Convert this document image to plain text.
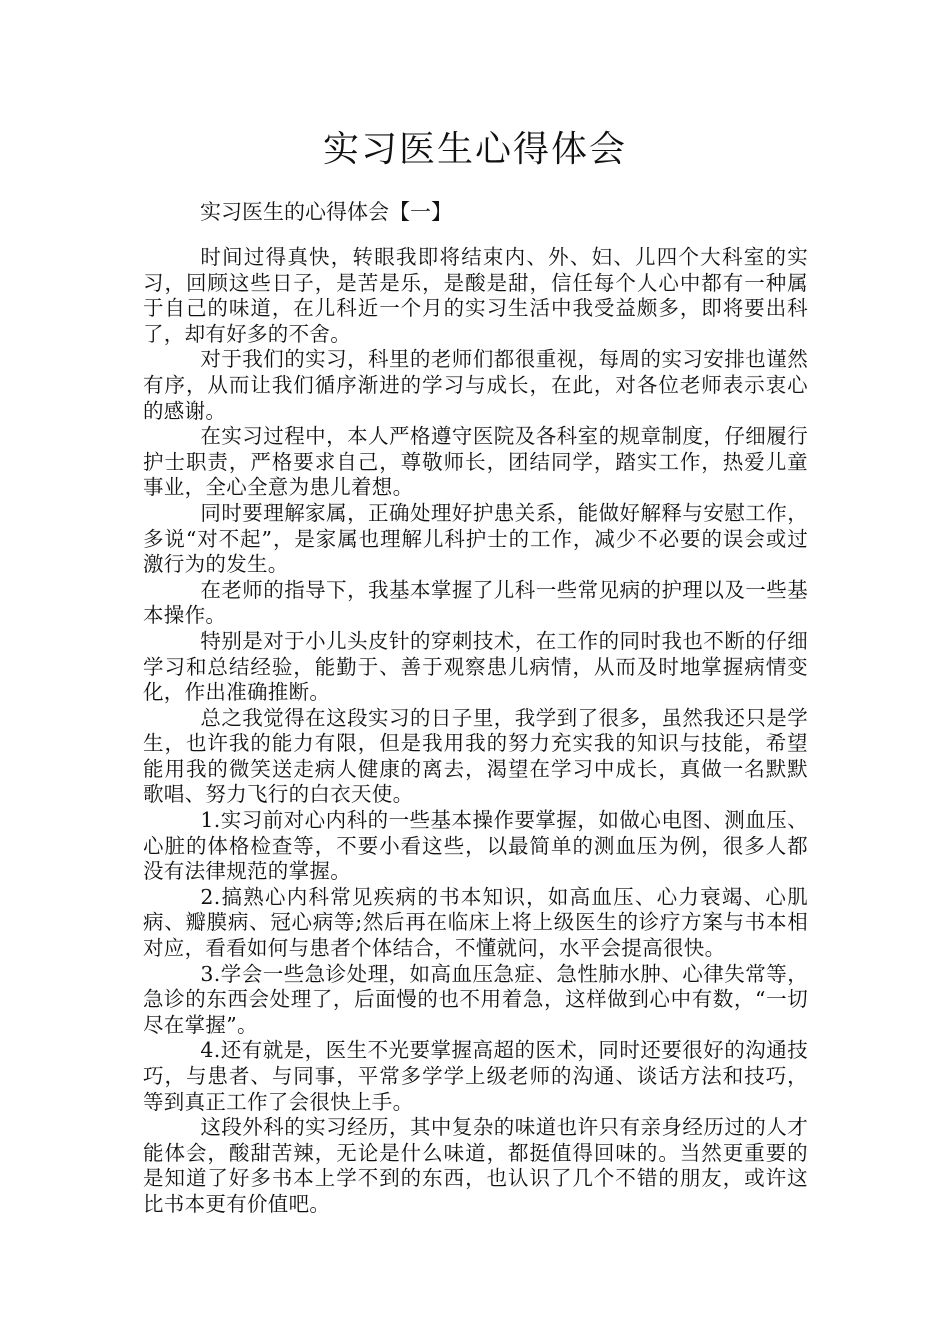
实习医生心得体会
实习医生的心得体会【一】

时间过得真快，转眼我即将结束内、外、妇、儿四个大科室的实习，回顾这些日子，是苦是乐，是酸是甜，信任每个人心中都有一种属于自己的味道，在儿科近一个月的实习生活中我受益颇多，即将要出科了，却有好多的不舍。

对于我们的实习，科里的老师们都很重视，每周的实习安排也谨然有序，从而让我们循序渐进的学习与成长，在此，对各位老师表示衷心的感谢。

在实习过程中，本人严格遵守医院及各科室的规章制度，仔细履行护士职责，严格要求自己，尊敬师长，团结同学，踏实工作，热爱儿童事业，全心全意为患儿着想。

同时要理解家属，正确处理好护患关系，能做好解释与安慰工作，多说“对不起”，是家属也理解儿科护士的工作，减少不必要的误会或过激行为的发生。

在老师的指导下，我基本掌握了儿科一些常见病的护理以及一些基本操作。

特别是对于小儿头皮针的穿刺技术，在工作的同时我也不断的仔细学习和总结经验，能勤于、善于观察患儿病情，从而及时地掌握病情变化，作出准确推断。

总之我觉得在这段实习的日子里，我学到了很多，虽然我还只是学生，也许我的能力有限，但是我用我的努力充实我的知识与技能，希望能用我的微笑送走病人健康的离去，渴望在学习中成长，真做一名默默歌唱、努力飞行的白衣天使。

1.实习前对心内科的一些基本操作要掌握，如做心电图、测血压、心脏的体格检查等，不要小看这些，以最简单的测血压为例，很多人都没有法律规范的掌握。

2.搞熟心内科常见疾病的书本知识，如高血压、心力衰竭、心肌病、瓣膜病、冠心病等;然后再在临床上将上级医生的诊疗方案与书本相对应，看看如何与患者个体结合，不懂就问，水平会提高很快。

3.学会一些急诊处理，如高血压急症、急性肺水肿、心律失常等，急诊的东西会处理了，后面慢的也不用着急，这样做到心中有数，“一切尽在掌握”。

4.还有就是，医生不光要掌握高超的医术，同时还要很好的沟通技巧，与患者、与同事，平常多学学上级老师的沟通、谈话方法和技巧，等到真正工作了会很快上手。

这段外科的实习经历，其中复杂的味道也许只有亲身经历过的人才能体会，酸甜苦辣，无论是什么味道，都挺值得回味的。当然更重要的是知道了好多书本上学不到的东西，也认识了几个不错的朋友，或许这比书本更有价值吧。
